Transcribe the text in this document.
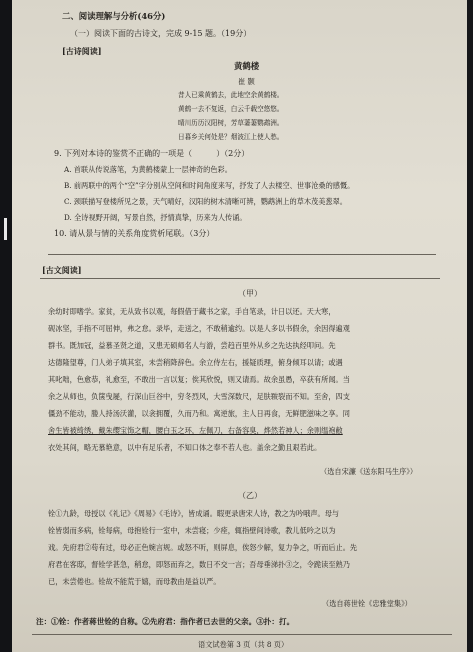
二、阅读理解与分析(46分)
（一）阅读下面的古诗文，完成 9-15 题。（19分）
[古诗阅读]
黄鹤楼
崔 颢
昔人已乘黄鹤去，此地空余黄鹤楼。
黄鹤一去不复返，白云千载空悠悠。
晴川历历汉阳树，芳草萋萋鹦鹉洲。
日暮乡关何处是？烟波江上使人愁。
9. 下列对本诗的鉴赏不正确的一项是（	）（2分）
A. 首联从传说落笔，为黄鹤楼蒙上一层神奇的色彩。
B. 前两联中的两个“空”字分别从空间和时间角度来写，抒发了人去楼空、世事沧桑的感慨。
C. 颈联描写登楼所见之景，天气晴好，汉阳的树木清晰可辨，鹦鹉洲上的草木茂美葱翠。
D. 全诗视野开阔，写景自然，抒情真挚，历来为人传诵。
10. 请从景与情的关系角度赏析尾联。（3分）
[古文阅读]
（甲）
余幼时即嗜学。家贫，无从致书以观，每假借于藏书之家，手自笔录，计日以还。天大寒，
砚冰坚，手指不可屈伸，弗之怠。录毕，走送之，不敢稍逾约。以是人多以书假余，余因得遍观
群书。既加冠，益慕圣贤之道，又患无硕师名人与游，尝趋百里外从乡之先达执经叩问。先
达德隆望尊，门人弟子填其室，未尝稍降辞色。余立侍左右，援疑质理，俯身倾耳以请；或遇
其叱咄，色愈恭，礼愈至，不敢出一言以复；俟其欣悦，则又请焉。故余虽愚，卒获有所闻。当
余之从师也，负箧曳屣，行深山巨谷中，穷冬烈风，大雪深数尺，足肤皲裂而不知。至舍，四支
僵劲不能动，媵人持汤沃灌，以衾拥覆，久而乃和。寓逆旅，主人日再食，无鲜肥滋味之享。同
舍生皆被绮绣，戴朱缨宝饰之帽，腰白玉之环，左佩刀，右备容臭，烨然若神人；余则缊袍敝
衣处其间，略无慕艳意，以中有足乐者，不知口体之奉不若人也。盖余之勤且艰若此。
（选自宋濂《送东阳马生序》）
（乙）
铨①九龄，母授以《礼记》《周易》《毛诗》，皆成诵。暇更录唐宋人诗，教之为吟哦声。母与
铨皆弱而多病，铨每病，母抱铨行一室中，未尝寝；少痊，辄指壁间诗歌，教儿低吟之以为
戏。先府君②苟有过，母必正色婉言规。或怒不听，则屏息，俟怒少解，复力争之，听而后止。先
府君在客邸，督铨学甚急，稍怠，即怒而弃之，数日不交一言；吾母垂涕扑③之，令跪读至熟乃
已，未尝倦也。铨故不能荒于嬉，而母教由是益以严。
（选自蒋世铨《忠雅堂集》）
注：①铨：作者蒋世铨的自称。②先府君：指作者已去世的父亲。③扑：打。
语文试卷第 3 页（共 8 页）
